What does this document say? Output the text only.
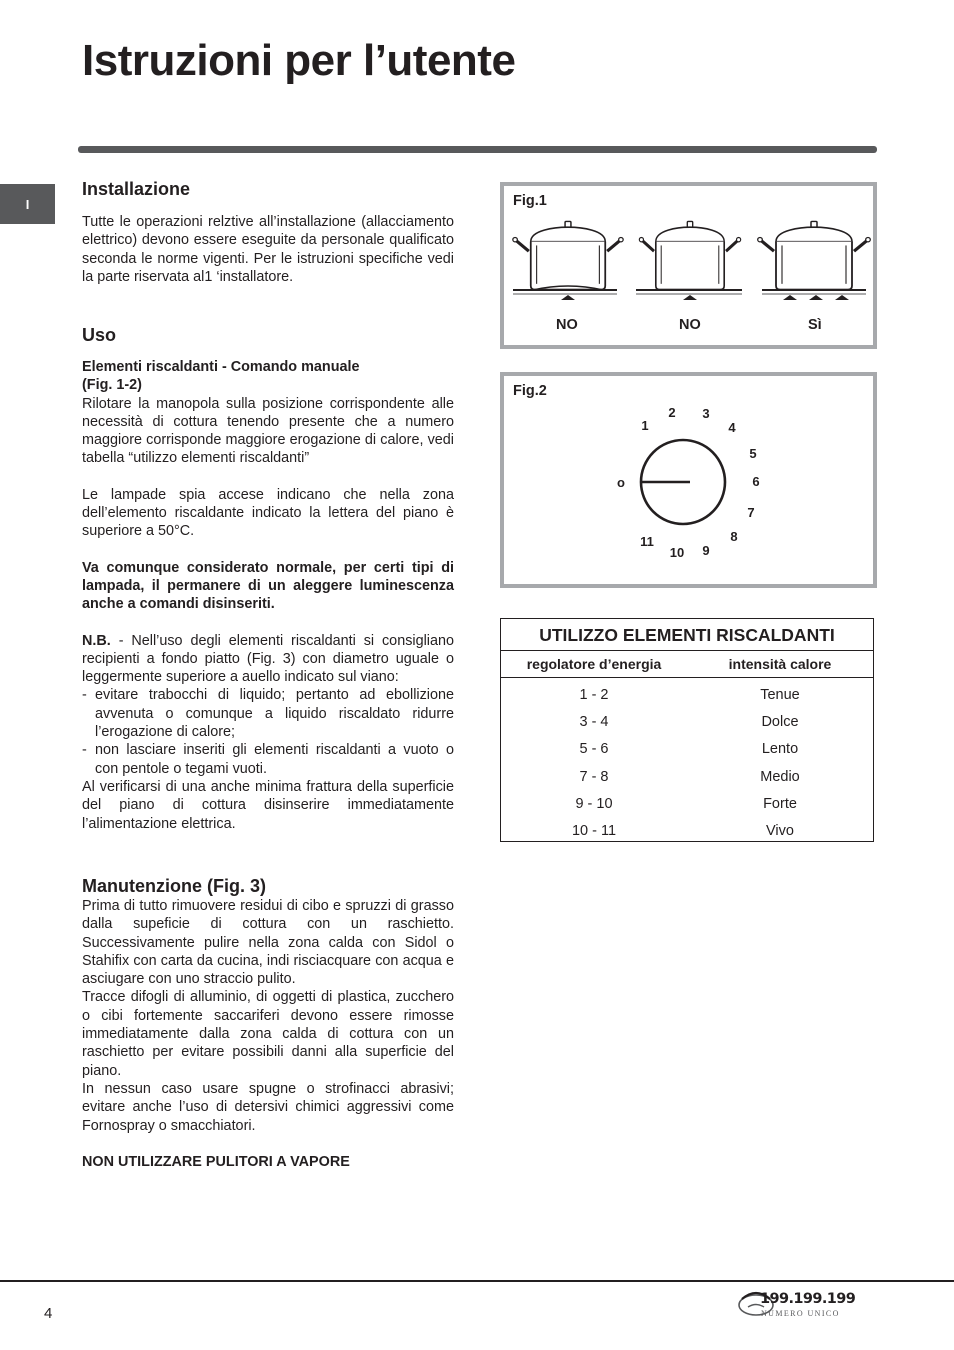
Istruzioni per l’utente
I
Installazione

Tutte le operazioni relztive all’installazione (allacciamento elettrico) devono essere eseguite da personale qualificato seconda le norme vigenti. Per le istruzioni specifiche vedi la parte riservata al1 ‘installatore.

Uso

Elementi riscaldanti - Comando manuale
(Fig. 1-2)

Rilotare la manopola sulla posizione corrispondente alle necessità di cottura tenendo presente che a numero maggiore corrisponde maggiore erogazione di calore, vedi tabella “utilizzo elementi riscaldanti”

Le lampade spia accese indicano che nella zona dell’elemento riscaldante indicato la lettera del piano è superiore a 50°C.

Va comunque considerato normale, per certi tipi di lampada, il permanere di un aleggere luminescenza anche a comandi disinseriti.

N.B. - Nell’uso degli elementi riscaldanti si consigliano recipienti a fondo piatto (Fig. 3) con diametro uguale o leggermente superiore a auello indicato sul viano:

- evitare trabocchi di liquido; pertanto ad ebollizione avvenuta o comunque a liquido riscaldato ridurre l’erogazione di calore;
- non lasciare inseriti gli elementi riscaldanti a vuoto o con pentole o tegami vuoti.

Al verificarsi di una anche minima frattura della superficie del piano di cottura disinserire immediatamente l’alimentazione elettrica.

Manutenzione (Fig. 3)

Prima di tutto rimuovere residui di cibo e spruzzi di grasso dalla supeficie di cottura con un raschietto. Successivamente pulire nella zona calda con Sidol o Stahifix con carta da cucina, indi risciacquare con acqua e asciugare con uno straccio pulito.

Tracce difogli di alluminio, di oggetti di plastica, zucchero o cibi fortemente saccariferi devono essere rimosse immediatamente dalla zona calda di cottura con un raschietto per evitare possibili danni alla superficie del piano.

In nessun caso usare spugne o strofinacci abrasivi; evitare anche l’uso di detersivi chimici aggressivi come Fornospray o smacchiatori.

NON UTILIZZARE PULITORI A VAPORE

Fig.1
NO	NO	Sì
Fig.2
o
1
2 3
4
5
6
7
8
9
10
11
UTILIZZO ELEMENTI RISCALDANTI
regolatore d’energia	intensità calore
1 - 2	Tenue
3 - 4	Dolce
5 - 6	Lento
7 - 8	Medio
9 - 10	Forte
10 - 11	Vivo
4
199.199.199
NUMERO UNICO
